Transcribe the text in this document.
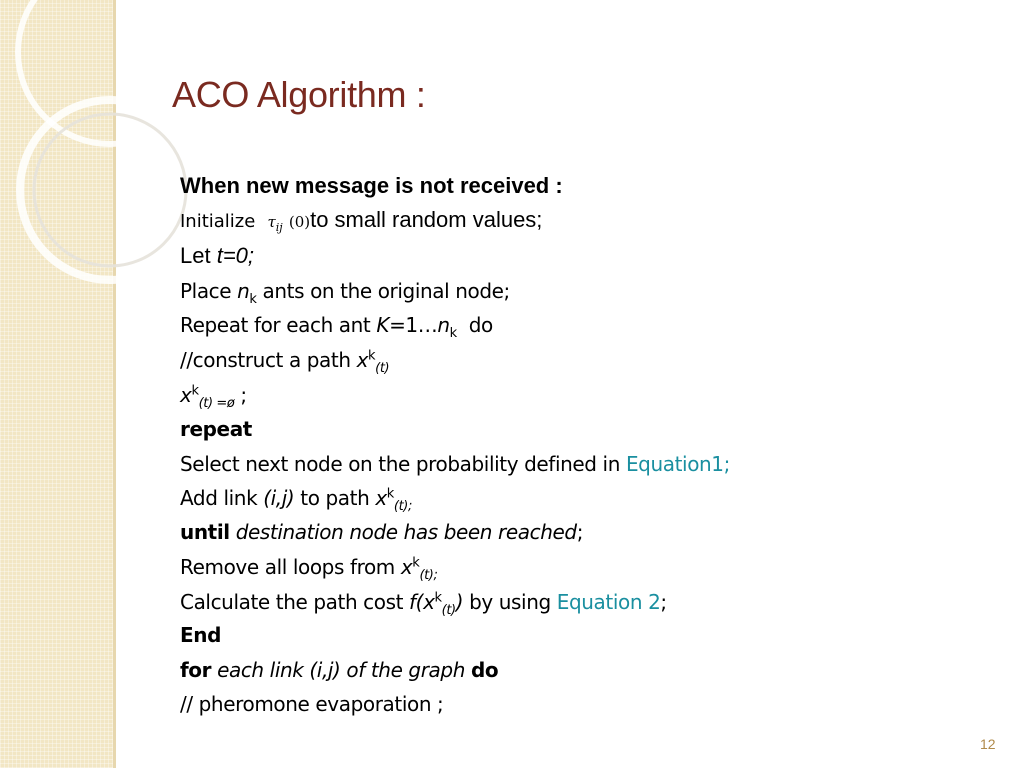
ACO Algorithm :
When new message is not received :
Initialize τij (0)to small random values;
Let t=0;
Place $n_k$ ants on the original node;
Repeat for each ant $K=1\dots n_k$  do
//construct a path $x^k_{(t)}$
$x^k_{(t) =ø}$ ;
repeat
Select next node on the probability defined in Equation1;
Add link (i,j) to path $x^k_{(t);}$
until destination node has been reached;
Remove all loops from $x^k_{(t);}$
Calculate the path cost $f(x^k_{(t)})$ by using Equation 2;
End
for each link (i,j) of the graph do
// pheromone evaporation ;
12
